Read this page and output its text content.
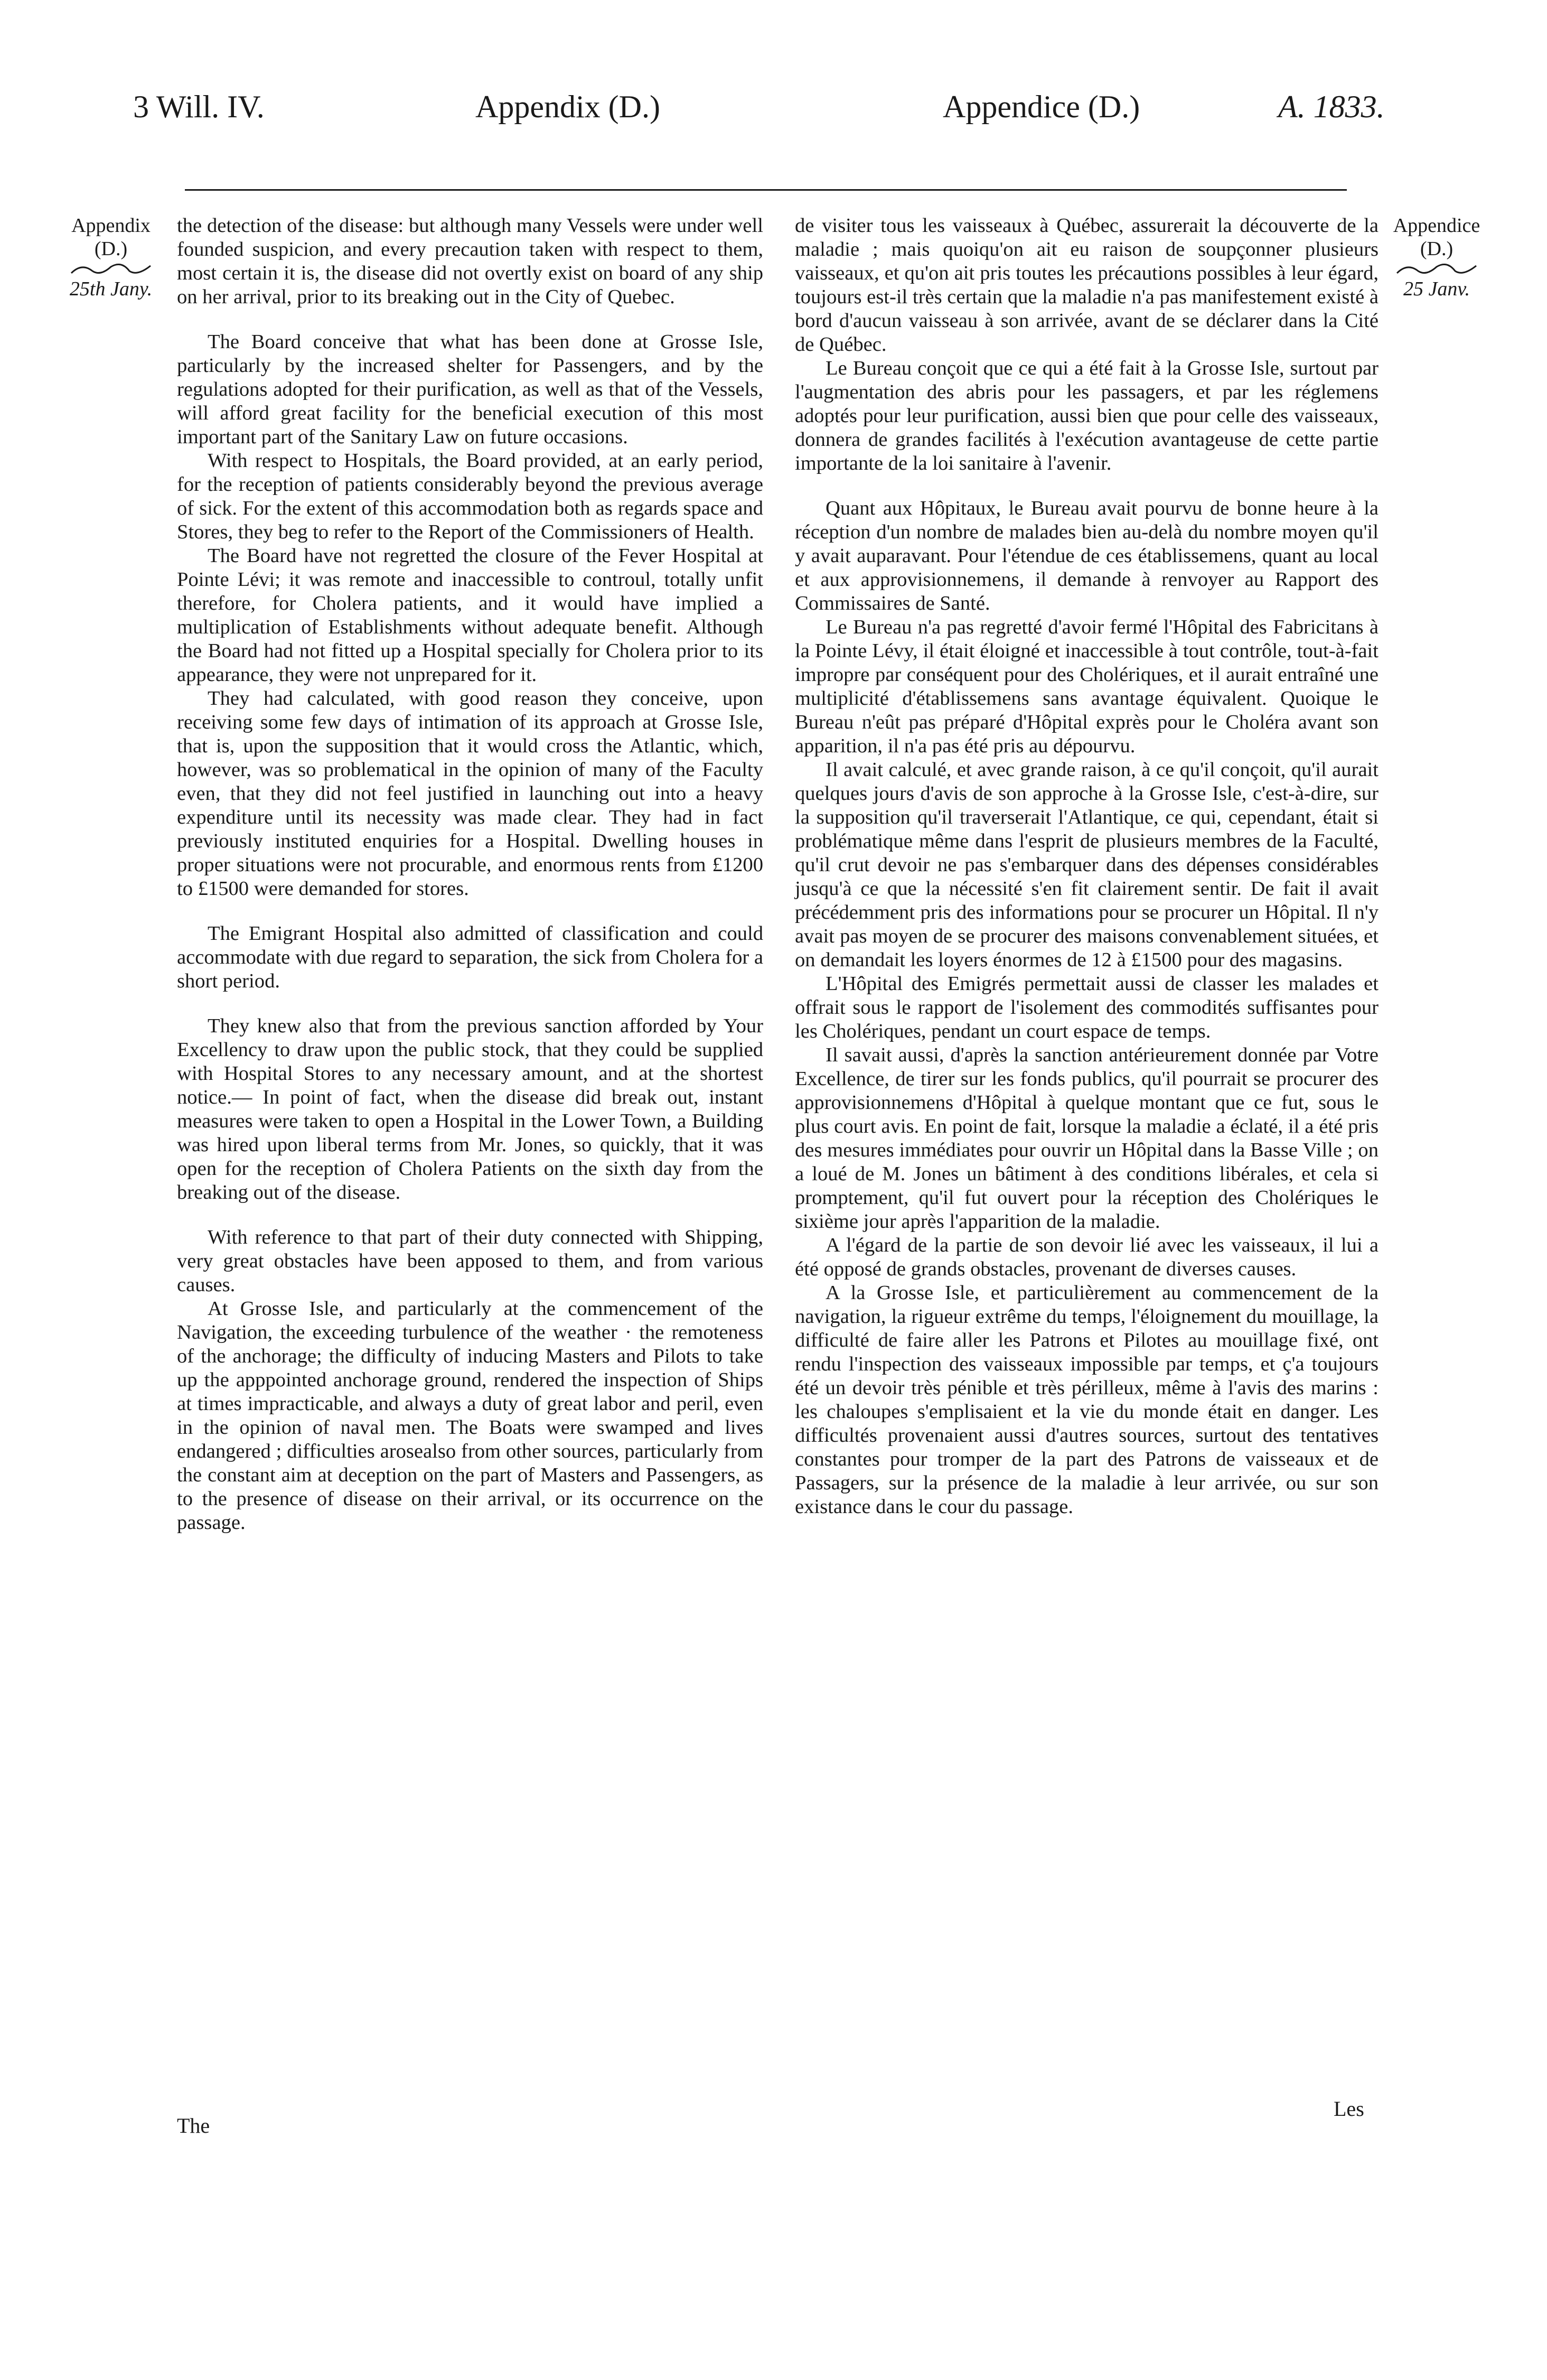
3 Will. IV.	Appendix (D.)	Appendice (D.)	A. 1833.
Appendix
(D.)
25th Jany.
Appendice
(D.)
25 Janv.

the detection of the disease: but although many Vessels were under well founded suspicion, and every precaution taken with respect to them, most certain it is, the disease did not overtly exist on board of any ship on her arrival, prior to its breaking out in the City of Quebec.

The Board conceive that what has been done at Grosse Isle, particularly by the increased shelter for Passengers, and by the regulations adopted for their purification, as well as that of the Vessels, will afford great facility for the beneficial execution of this most important part of the Sanitary Law on future occasions.

With respect to Hospitals, the Board provided, at an early period, for the reception of patients considerably beyond the previous average of sick. For the extent of this accommodation both as regards space and Stores, they beg to refer to the Report of the Commissioners of Health.

The Board have not regretted the closure of the Fever Hospital at Pointe Lévi; it was remote and inaccessible to controul, totally unfit therefore, for Cholera patients, and it would have implied a multiplication of Establishments without adequate benefit. Although the Board had not fitted up a Hospital specially for Cholera prior to its appearance, they were not unprepared for it.

They had calculated, with good reason they conceive, upon receiving some few days of intimation of its approach at Grosse Isle, that is, upon the supposition that it would cross the Atlantic, which, however, was so problematical in the opinion of many of the Faculty even, that they did not feel justified in launching out into a heavy expenditure until its necessity was made clear. They had in fact previously instituted enquiries for a Hospital. Dwelling houses in proper situations were not procurable, and enormous rents from £1200 to £1500 were demanded for stores.

The Emigrant Hospital also admitted of classification and could accommodate with due regard to separation, the sick from Cholera for a short period.

They knew also that from the previous sanction afforded by Your Excellency to draw upon the public stock, that they could be supplied with Hospital Stores to any necessary amount, and at the shortest notice.— In point of fact, when the disease did break out, instant measures were taken to open a Hospital in the Lower Town, a Building was hired upon liberal terms from Mr. Jones, so quickly, that it was open for the reception of Cholera Patients on the sixth day from the breaking out of the disease.

With reference to that part of their duty connected with Shipping, very great obstacles have been apposed to them, and from various causes.

At Grosse Isle, and particularly at the commencement of the Navigation, the exceeding turbulence of the weather · the remoteness of the anchorage; the difficulty of inducing Masters and Pilots to take up the apppointed anchorage ground, rendered the inspection of Ships at times impracticable, and always a duty of great labor and peril, even in the opinion of naval men. The Boats were swamped and lives endangered ; difficulties arosealso from other sources, particularly from the constant aim at deception on the part of Masters and Passengers, as to the presence of disease on their arrival, or its occurrence on the passage.

de visiter tous les vaisseaux à Québec, assurerait la découverte de la maladie ; mais quoiqu'on ait eu raison de soupçonner plusieurs vaisseaux, et qu'on ait pris toutes les précautions possibles à leur égard, toujours est-il très certain que la maladie n'a pas manifestement existé à bord d'aucun vaisseau à son arrivée, avant de se déclarer dans la Cité de Québec.

Le Bureau conçoit que ce qui a été fait à la Grosse Isle, surtout par l'augmentation des abris pour les passagers, et par les réglemens adoptés pour leur purification, aussi bien que pour celle des vaisseaux, donnera de grandes facilités à l'exécution avantageuse de cette partie importante de la loi sanitaire à l'avenir.

Quant aux Hôpitaux, le Bureau avait pourvu de bonne heure à la réception d'un nombre de malades bien au-delà du nombre moyen qu'il y avait auparavant. Pour l'étendue de ces établissemens, quant au local et aux approvisionnemens, il demande à renvoyer au Rapport des Commissaires de Santé.

Le Bureau n'a pas regretté d'avoir fermé l'Hôpital des Fabricitans à la Pointe Lévy, il était éloigné et inaccessible à tout contrôle, tout-à-fait impropre par conséquent pour des Cholériques, et il aurait entraîné une multiplicité d'établissemens sans avantage équivalent. Quoique le Bureau n'eût pas préparé d'Hôpital exprès pour le Choléra avant son apparition, il n'a pas été pris au dépourvu.

Il avait calculé, et avec grande raison, à ce qu'il conçoit, qu'il aurait quelques jours d'avis de son approche à la Grosse Isle, c'est-à-dire, sur la supposition qu'il traverserait l'Atlantique, ce qui, cependant, était si problématique même dans l'esprit de plusieurs membres de la Faculté, qu'il crut devoir ne pas s'embarquer dans des dépenses considérables jusqu'à ce que la nécessité s'en fit clairement sentir. De fait il avait précédemment pris des informations pour se procurer un Hôpital. Il n'y avait pas moyen de se procurer des maisons convenablement situées, et on demandait les loyers énormes de 12 à £1500 pour des magasins.

L'Hôpital des Emigrés permettait aussi de classer les malades et offrait sous le rapport de l'isolement des commodités suffisantes pour les Cholériques, pendant un court espace de temps.

Il savait aussi, d'après la sanction antérieurement donnée par Votre Excellence, de tirer sur les fonds publics, qu'il pourrait se procurer des approvisionnemens d'Hôpital à quelque montant que ce fut, sous le plus court avis. En point de fait, lorsque la maladie a éclaté, il a été pris des mesures immédiates pour ouvrir un Hôpital dans la Basse Ville ; on a loué de M. Jones un bâtiment à des conditions libérales, et cela si promptement, qu'il fut ouvert pour la réception des Cholériques le sixième jour après l'apparition de la maladie.

A l'égard de la partie de son devoir lié avec les vaisseaux, il lui a été opposé de grands obstacles, provenant de diverses causes.

A la Grosse Isle, et particulièrement au commencement de la navigation, la rigueur extrême du temps, l'éloignement du mouillage, la difficulté de faire aller les Patrons et Pilotes au mouillage fixé, ont rendu l'inspection des vaisseaux impossible par temps, et ç'a toujours été un devoir très pénible et très périlleux, même à l'avis des marins : les chaloupes s'emplisaient et la vie du monde était en danger. Les difficultés provenaient aussi d'autres sources, surtout des tentatives constantes pour tromper de la part des Patrons de vaisseaux et de Passagers, sur la présence de la maladie à leur arrivée, ou sur son existance dans le cour du passage.

The
Les
